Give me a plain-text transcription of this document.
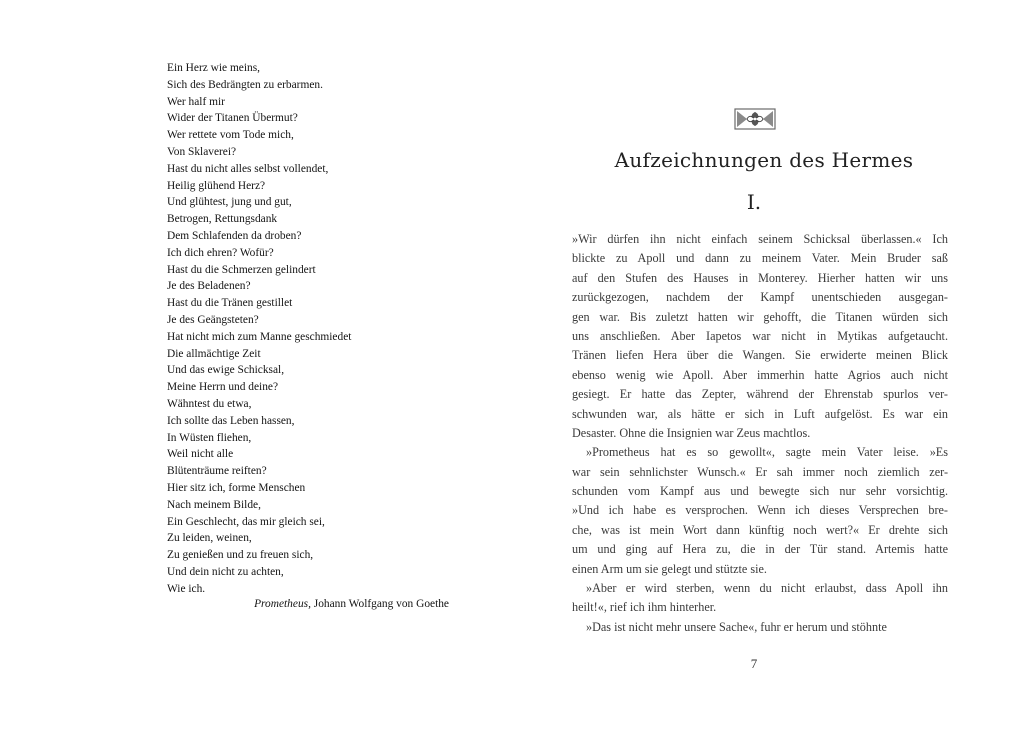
Ein Herz wie meins,
Sich des Bedrängten zu erbarmen.
Wer half mir
Wider der Titanen Übermut?
Wer rettete vom Tode mich,
Von Sklaverei?
Hast du nicht alles selbst vollendet,
Heilig glühend Herz?
Und glühtest, jung und gut,
Betrogen, Rettungsdank
Dem Schlafenden da droben?
Ich dich ehren? Wofür?
Hast du die Schmerzen gelindert
Je des Beladenen?
Hast du die Tränen gestillet
Je des Geängsteten?
Hat nicht mich zum Manne geschmiedet
Die allmächtige Zeit
Und das ewige Schicksal,
Meine Herrn und deine?
Wähntest du etwa,
Ich sollte das Leben hassen,
In Wüsten fliehen,
Weil nicht alle
Blütenträume reiften?
Hier sitz ich, forme Menschen
Nach meinem Bilde,
Ein Geschlecht, das mir gleich sei,
Zu leiden, weinen,
Zu genießen und zu freuen sich,
Und dein nicht zu achten,
Wie ich.
Prometheus, Johann Wolfgang von Goethe
Aufzeichnungen des Hermes
I.
»Wir dürfen ihn nicht einfach seinem Schicksal überlassen.« Ich
blickte zu Apoll und dann zu meinem Vater. Mein Bruder saß
auf den Stufen des Hauses in Monterey. Hierher hatten wir uns
zurückgezogen, nachdem der Kampf unentschieden ausgegan-
gen war. Bis zuletzt hatten wir gehofft, die Titanen würden sich
uns anschließen. Aber Iapetos war nicht in Mytikas aufgetaucht.
Tränen liefen Hera über die Wangen. Sie erwiderte meinen Blick
ebenso wenig wie Apoll. Aber immerhin hatte Agrios auch nicht
gesiegt. Er hatte das Zepter, während der Ehrenstab spurlos ver-
schwunden war, als hätte er sich in Luft aufgelöst. Es war ein
Desaster. Ohne die Insignien war Zeus machtlos.
»Prometheus hat es so gewollt«, sagte mein Vater leise. »Es
war sein sehnlichster Wunsch.« Er sah immer noch ziemlich zer-
schunden vom Kampf aus und bewegte sich nur sehr vorsichtig.
»Und ich habe es versprochen. Wenn ich dieses Versprechen bre-
che, was ist mein Wort dann künftig noch wert?« Er drehte sich
um und ging auf Hera zu, die in der Tür stand. Artemis hatte
einen Arm um sie gelegt und stützte sie.
»Aber er wird sterben, wenn du nicht erlaubst, dass Apoll ihn
heilt!«, rief ich ihm hinterher.
»Das ist nicht mehr unsere Sache«, fuhr er herum und stöhnte
7
